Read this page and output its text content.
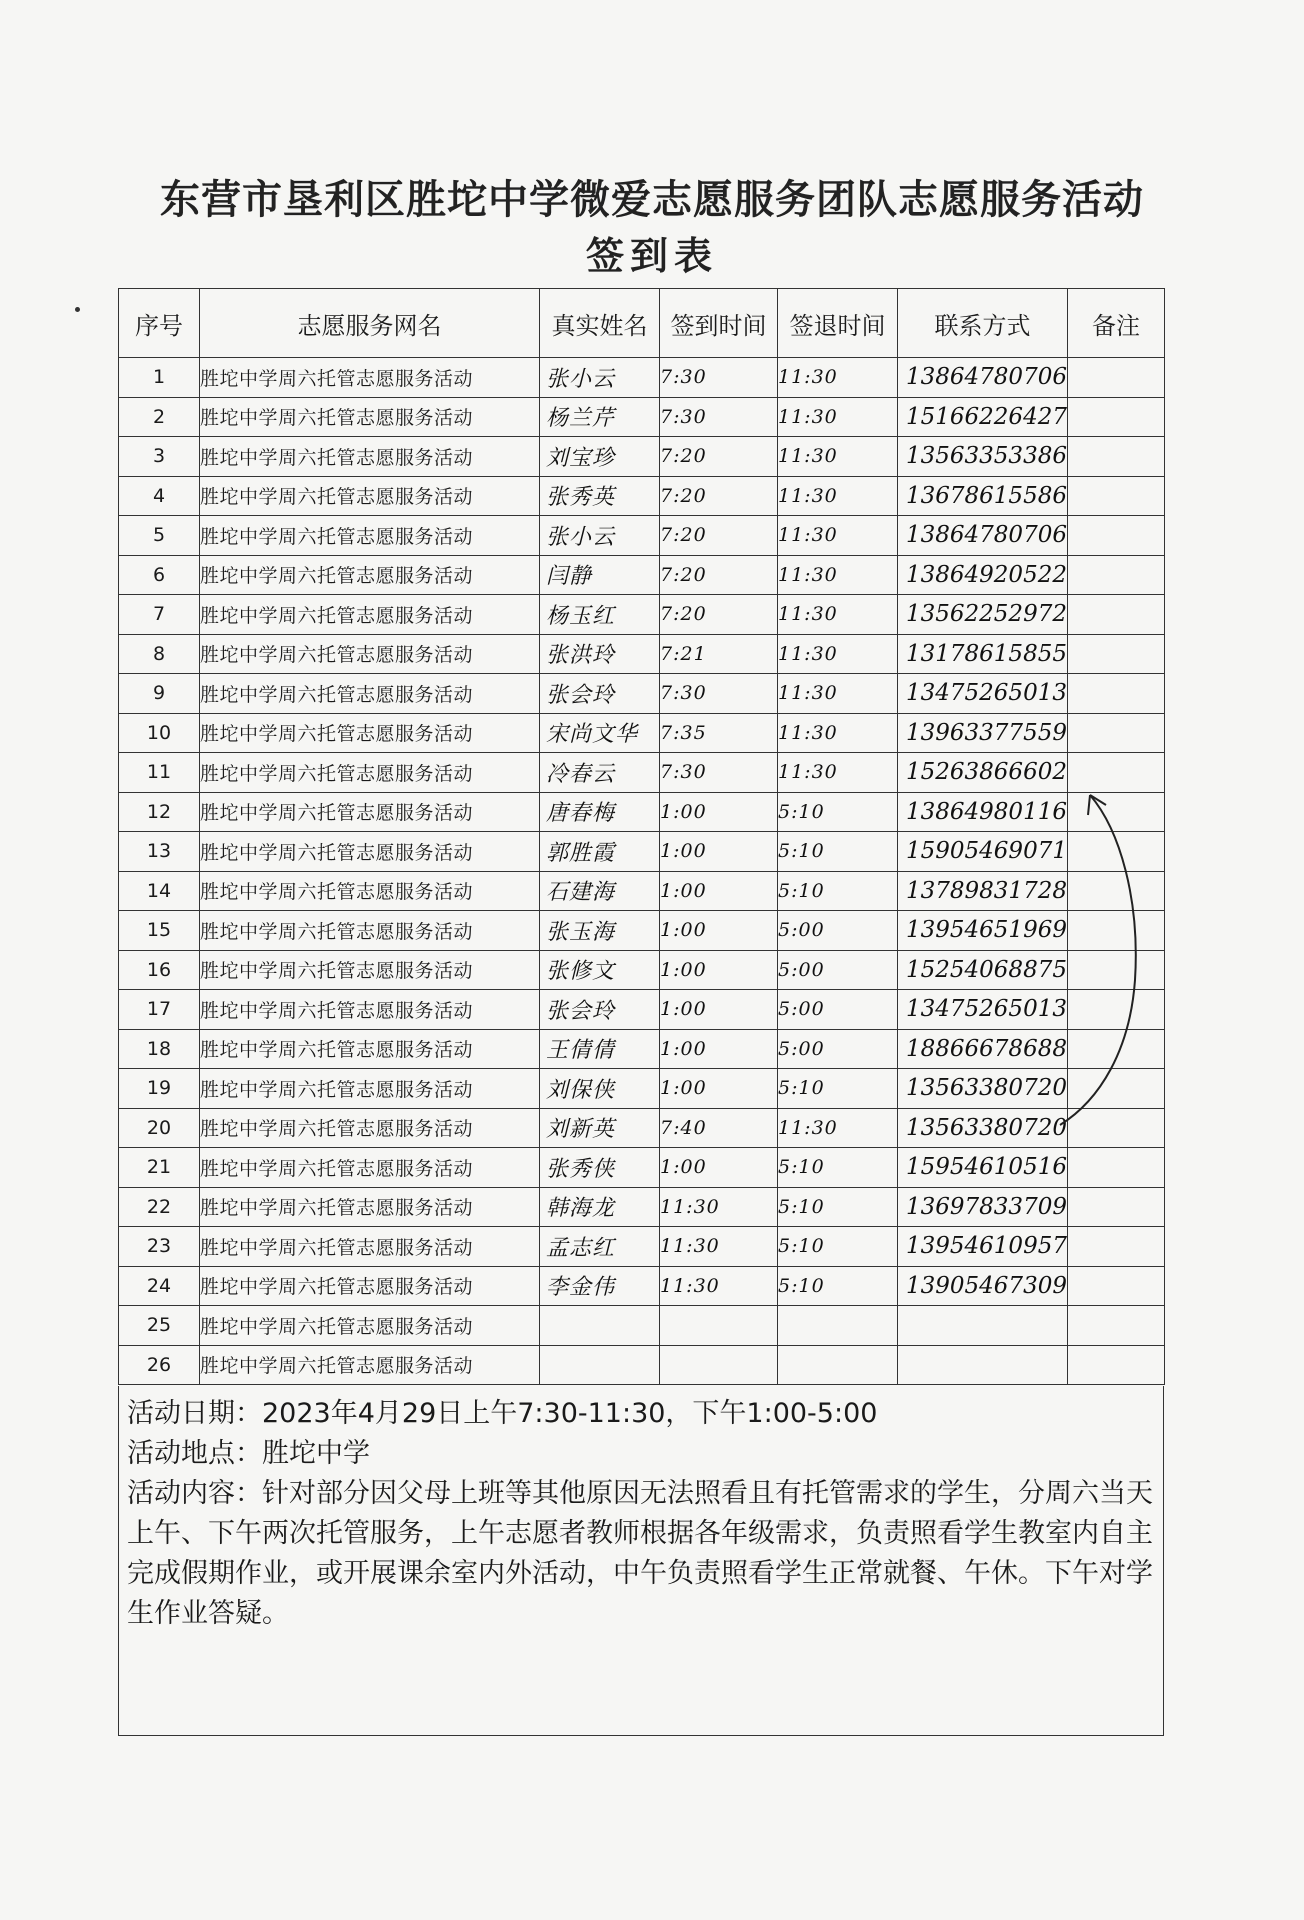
东营市垦利区胜坨中学微爱志愿服务团队志愿服务活动
签到表
序号	志愿服务网名	真实姓名	签到时间	签退时间	联系方式	备注
1	胜坨中学周六托管志愿服务活动	张小云	7:30	11:30	13864780706	
2	胜坨中学周六托管志愿服务活动	杨兰芹	7:30	11:30	15166226427	
3	胜坨中学周六托管志愿服务活动	刘宝珍	7:20	11:30	13563353386	
4	胜坨中学周六托管志愿服务活动	张秀英	7:20	11:30	13678615586	
5	胜坨中学周六托管志愿服务活动	张小云	7:20	11:30	13864780706	
6	胜坨中学周六托管志愿服务活动	闫静	7:20	11:30	13864920522	
7	胜坨中学周六托管志愿服务活动	杨玉红	7:20	11:30	13562252972	
8	胜坨中学周六托管志愿服务活动	张洪玲	7:21	11:30	13178615855	
9	胜坨中学周六托管志愿服务活动	张会玲	7:30	11:30	13475265013	
10	胜坨中学周六托管志愿服务活动	宋尚文华	7:35	11:30	13963377559	
11	胜坨中学周六托管志愿服务活动	冷春云	7:30	11:30	15263866602	
12	胜坨中学周六托管志愿服务活动	唐春梅	1:00	5:10	13864980116	
13	胜坨中学周六托管志愿服务活动	郭胜霞	1:00	5:10	15905469071	
14	胜坨中学周六托管志愿服务活动	石建海	1:00	5:10	13789831728	
15	胜坨中学周六托管志愿服务活动	张玉海	1:00	5:00	13954651969	
16	胜坨中学周六托管志愿服务活动	张修文	1:00	5:00	15254068875	
17	胜坨中学周六托管志愿服务活动	张会玲	1:00	5:00	13475265013	
18	胜坨中学周六托管志愿服务活动	王倩倩	1:00	5:00	18866678688	
19	胜坨中学周六托管志愿服务活动	刘保侠	1:00	5:10	13563380720	
20	胜坨中学周六托管志愿服务活动	刘新英	7:40	11:30	13563380720	
21	胜坨中学周六托管志愿服务活动	张秀侠	1:00	5:10	15954610516	
22	胜坨中学周六托管志愿服务活动	韩海龙	11:30	5:10	13697833709	
23	胜坨中学周六托管志愿服务活动	孟志红	11:30	5:10	13954610957	
24	胜坨中学周六托管志愿服务活动	李金伟	11:30	5:10	13905467309	
25	胜坨中学周六托管志愿服务活动					
26	胜坨中学周六托管志愿服务活动					

活动日期：2023年4月29日上午7:30-11:30，下午1:00-5:00

活动地点：胜坨中学

活动内容：针对部分因父母上班等其他原因无法照看且有托管需求的学生，分周六当天上午、下午两次托管服务，上午志愿者教师根据各年级需求，负责照看学生教室内自主完成假期作业，或开展课余室内外活动，中午负责照看学生正常就餐、午休。下午对学生作业答疑。
